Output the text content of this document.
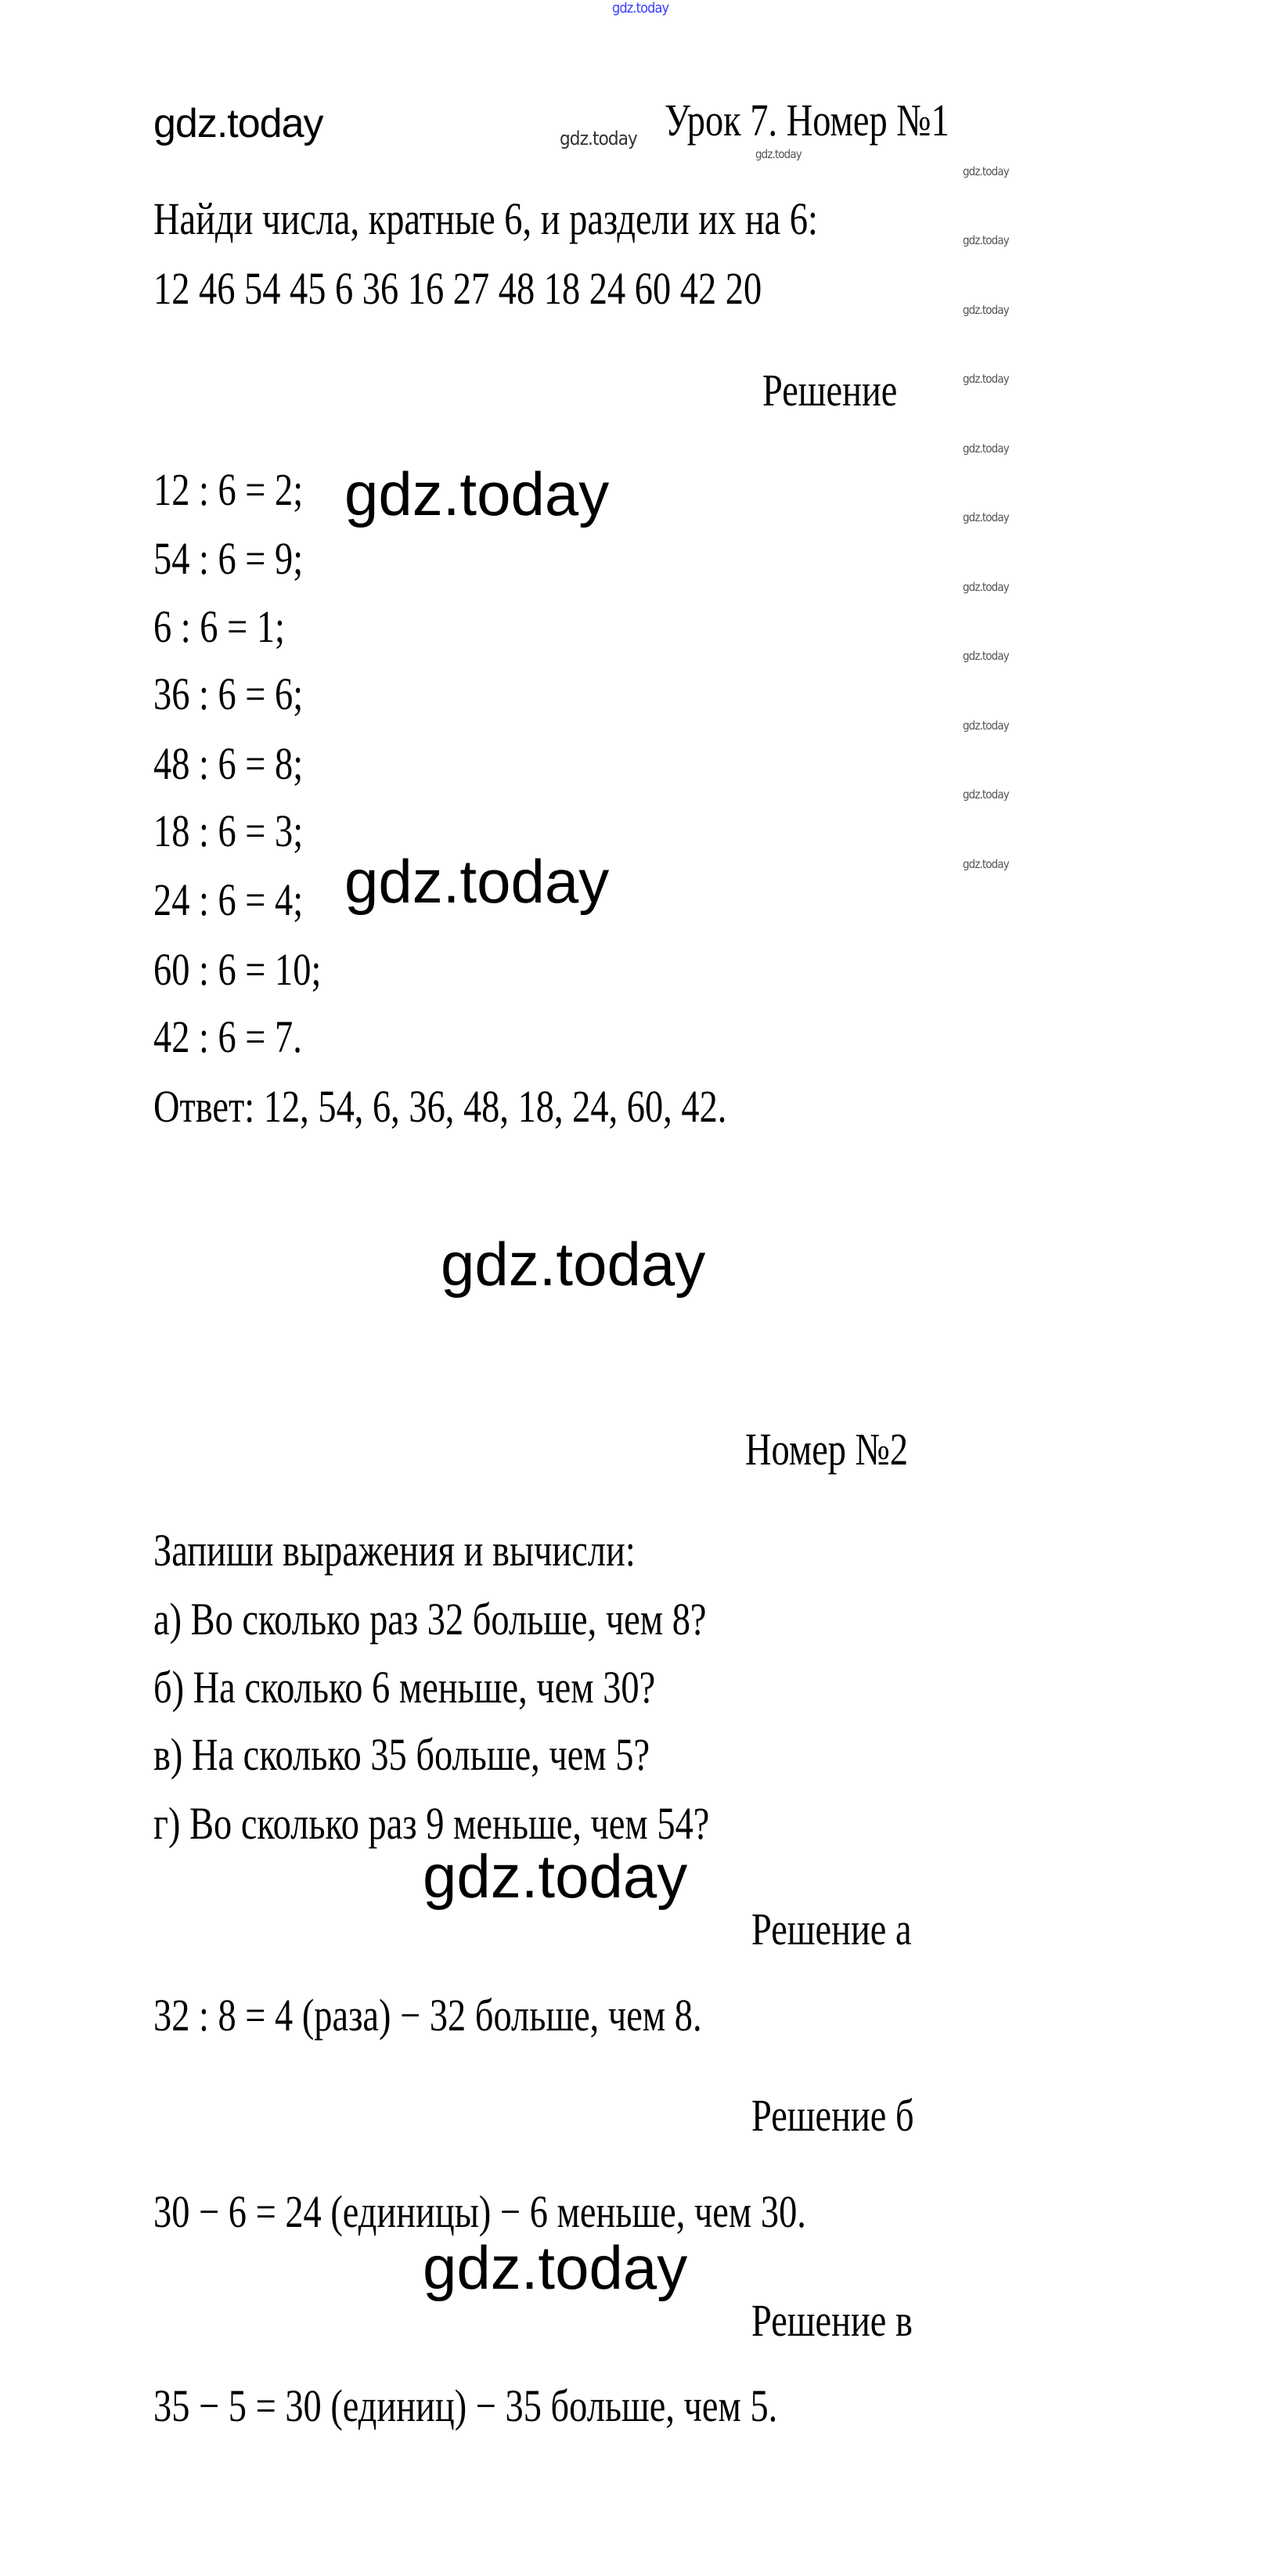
gdz.today
gdz.today	gdz.today
gdz.today
gdz.today
gdz.today
gdz.today
gdz.today
gdz.today
gdz.today
gdz.today
gdz.today
gdz.today
gdz.today
gdz.today
gdz.today
gdz.today
gdz.today
gdz.today
gdz.today
Урок 7. Номер №1
Найди числа, кратные 6, и раздели их на 6:
12 46 54 45 6 36 16 27 48 18 24 60 42 20
Решение
12 : 6 = 2;
54 : 6 = 9;
6 : 6 = 1;
36 : 6 = 6;
48 : 6 = 8;
18 : 6 = 3;
24 : 6 = 4;
60 : 6 = 10;
42 : 6 = 7.
Ответ: 12, 54, 6, 36, 48, 18, 24, 60, 42.
Номер №2
Запиши выражения и вычисли:
а) Во сколько раз 32 больше, чем 8?
б) На сколько 6 меньше, чем 30?
в) На сколько 35 больше, чем 5?
г) Во сколько раз 9 меньше, чем 54?
Решение а
32 : 8 = 4 (раза) − 32 больше, чем 8.
Решение б
30 − 6 = 24 (единицы) − 6 меньше, чем 30.
Решение в
35 − 5 = 30 (единиц) − 35 больше, чем 5.
